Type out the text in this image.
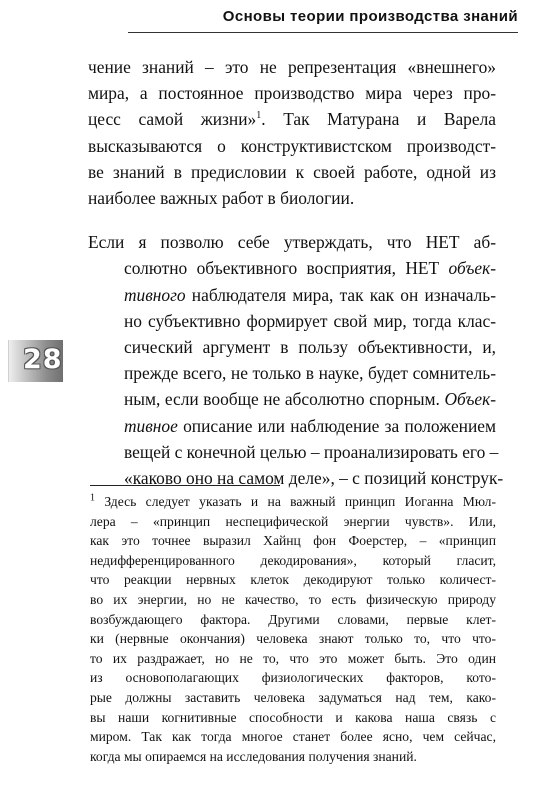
Основы теории производства знаний
28

чение знаний – это не репрезентация «внешнего»
мира, а постоянное производство мира через про-
цесс самой жизни»$^1$. Так Матурана и Варела
высказываются о конструктивистском производст-
ве знаний в предисловии к своей работе, одной из
наиболее важных работ в биологии.

Если я позволю себе утверждать, что НЕТ аб-
солютно объективного восприятия, НЕТ объек-
тивного наблюдателя мира, так как он изначаль-
но субъективно формирует свой мир, тогда клас-
сический аргумент в пользу объективности, и,
прежде всего, не только в науке, будет сомнитель-
ным, если вообще не абсолютно спорным. Объек-
тивное описание или наблюдение за положением
вещей с конечной целью – проанализировать его –
«каково оно на самом деле», – с позиций конструк-

$^1$ Здесь следует указать и на важный принцип Иоганна Мюл-
лера – «принцип неспецифической энергии чувств». Или,
как это точнее выразил Хайнц фон Фоерстер, – «принцип
недифференцированного декодирования», который гласит,
что реакции нервных клеток декодируют только количест-
во их энергии, но не качество, то есть физическую природу
возбуждающего фактора. Другими словами, первые клет-
ки (нервные окончания) человека знают только то, что что-
то их раздражает, но не то, что это может быть. Это один
из основополагающих физиологических факторов, кото-
рые должны заставить человека задуматься над тем, како-
вы наши когнитивные способности и какова наша связь с
миром. Так как тогда многое станет более ясно, чем сейчас,
когда мы опираемся на исследования получения знаний.
